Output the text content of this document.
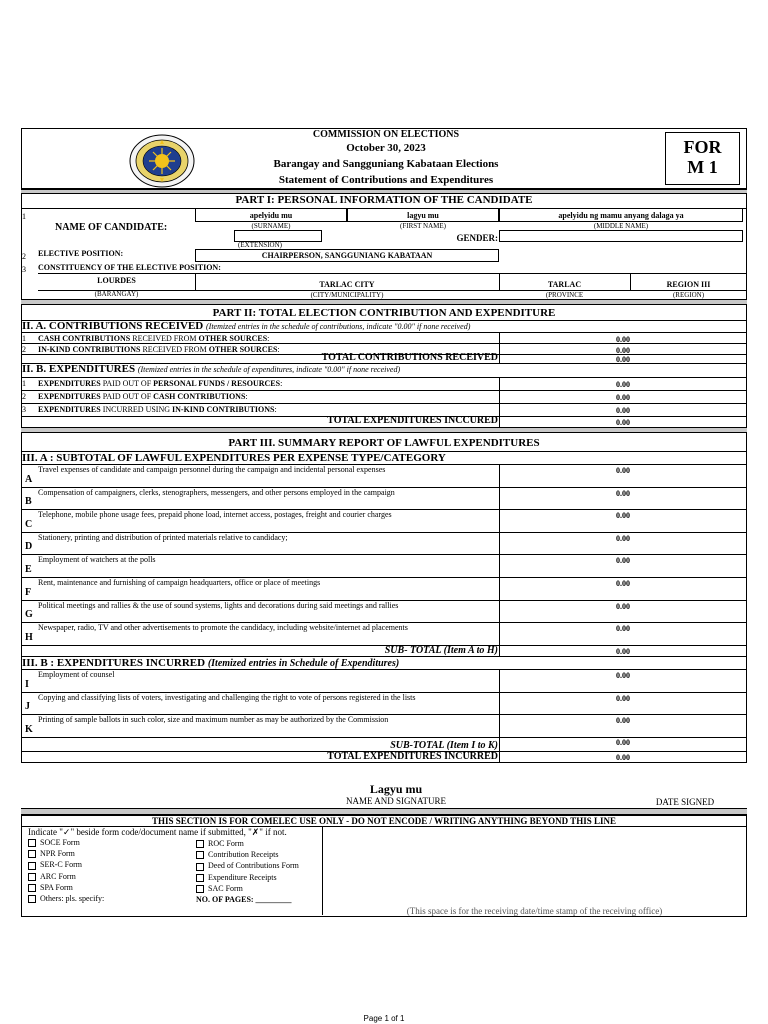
COMMISSION ON ELECTIONS
October 30, 2023
Barangay and Sangguniang Kabataan Elections
Statement of Contributions and Expenditures
FOR
M 1
PART I: PERSONAL INFORMATION OF THE CANDIDATE
1
NAME OF CANDIDATE:
apelyidu mu
(SURNAME)
lagyu mu
(FIRST NAME)
apelyidu ng mamu anyang dalaga ya
(MIDDLE NAME)
(EXTENSION)
GENDER:
2 ELECTIVE POSITION:	CHAIRPERSON, SANGGUNIANG KABATAAN
3 CONSTITUENCY OF THE ELECTIVE POSITION:
LOURDES
(BARANGAY)
TARLAC CITY
(CITY/MUNICIPALITY)
TARLAC
(PROVINCE
REGION III
(REGION)
PART II: TOTAL ELECTION CONTRIBUTION AND EXPENDITURE
II. A. CONTRIBUTIONS RECEIVED (Itemized entries in the schedule of contributions, indicate "0.00" if none received)
1 CASH CONTRIBUTIONS RECEIVED FROM OTHER SOURCES:	0.00
2 IN-KIND CONTRIBUTIONS RECEIVED FROM OTHER SOURCES:	0.00
TOTAL CONTRIBUTIONS RECEIVED	0.00
II. B. EXPENDITURES (Itemized entries in the schedule of expenditures, indicate "0.00" if none received)
1 EXPENDITURES PAID OUT OF PERSONAL FUNDS / RESOURCES:	0.00
2 EXPENDITURES PAID OUT OF CASH CONTRIBUTIONS:	0.00
3 EXPENDITURES INCURRED USING IN-KIND CONTRIBUTIONS:	0.00
TOTAL EXPENDITURES INCCURED	0.00
PART III. SUMMARY REPORT OF LAWFUL EXPENDITURES
III. A : SUBTOTAL OF LAWFUL EXPENDITURES PER EXPENSE TYPE/CATEGORY
A
Travel expenses of candidate and campaign personnel during the campaign and incidental personal expenses	0.00
B
Compensation of campaigners, clerks, stenographers, messengers, and other persons employed in the campaign	0.00
C
Telephone, mobile phone usage fees, prepaid phone load, internet access, postages, freight and courier charges	0.00
D
Stationery, printing and distribution of printed materials relative to candidacy;	0.00
E
Employment of watchers at the polls	0.00
F
Rent, maintenance and furnishing of campaign headquarters, office or place of meetings	0.00
G
Political meetings and rallies & the use of sound systems, lights and decorations during said meetings and rallies	0.00
H
Newspaper, radio, TV and other advertisements to promote the candidacy, including website/internet ad placements	0.00
SUB- TOTAL (Item A to H)	0.00
III. B : EXPENDITURES INCURRED (Itemized entries in Schedule of Expenditures)
I
Employment of counsel	0.00
J
Copying and classifying lists of voters, investigating and challenging the right to vote of persons registered in the lists	0.00
K
Printing of sample ballots in such color, size and maximum number as may be authorized by the Commission	0.00
SUB-TOTAL (Item I to K)	0.00
TOTAL EXPENDITURES INCURRED	0.00
Lagyu mu
NAME AND SIGNATURE	DATE SIGNED
THIS SECTION IS FOR COMELEC USE ONLY - DO NOT ENCODE / WRITING ANYTHING BEYOND THIS LINE
Indicate "✓" beside form code/document name if submitted, "✗" if not.
SOCE Form
NPR Form
SER-C Form
ARC Form
SPA Form
Others: pls. specify:
ROC Form
Contribution Receipts
Deed of Contributions Form
Expenditure Receipts
SAC Form
NO. OF PAGES: _________
(This space is for the receiving date/time stamp of the receiving office)
Page 1 of 1
